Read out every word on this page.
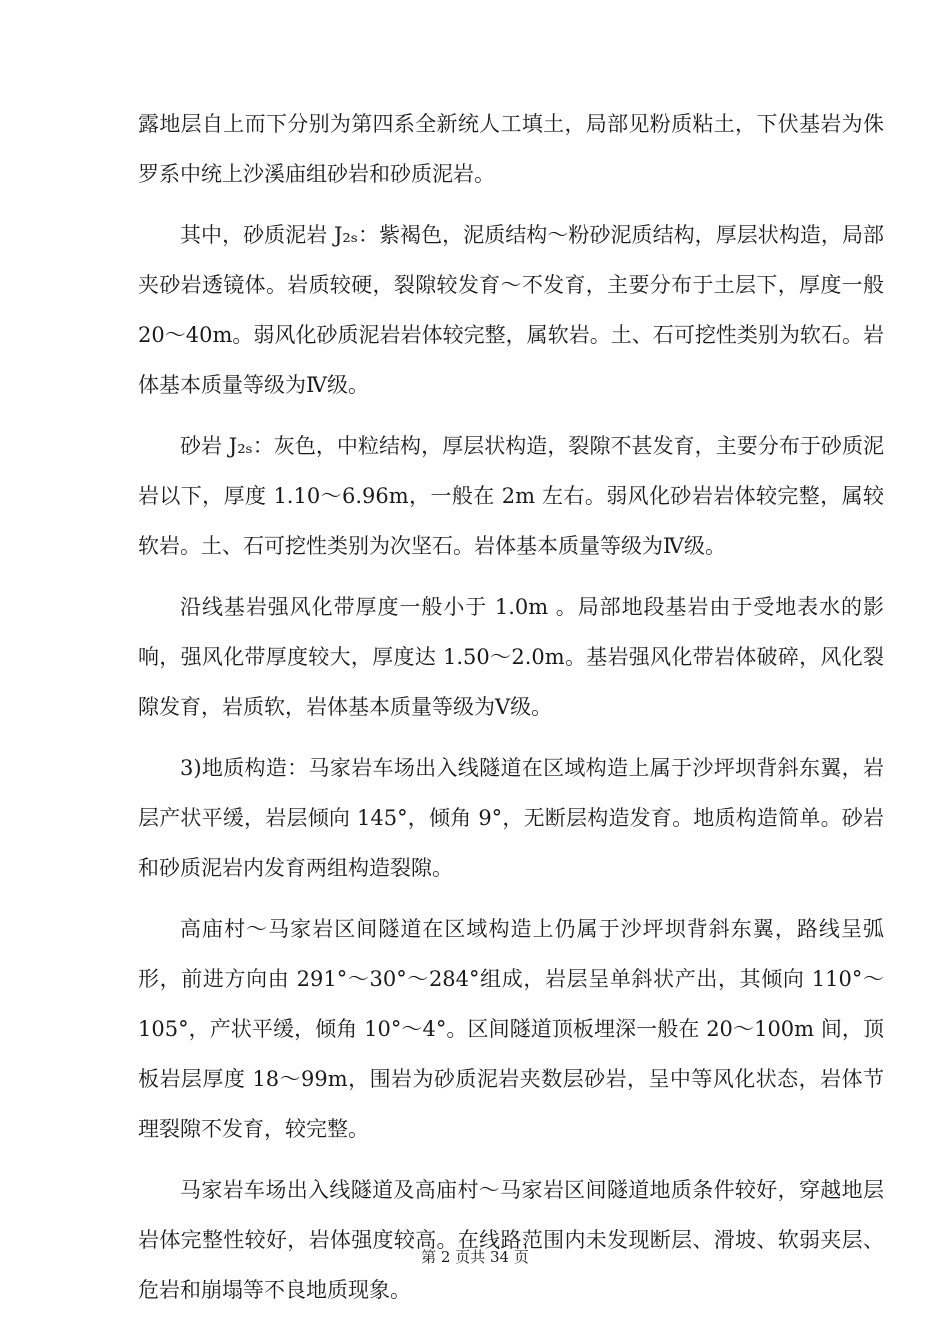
露地层自上而下分别为第四系全新统人工填土，局部见粉质粘土，下伏基岩为侏罗系中统上沙溪庙组砂岩和砂质泥岩。

其中，砂质泥岩 J₂ₛ：紫褐色，泥质结构～粉砂泥质结构，厚层状构造，局部夹砂岩透镜体。岩质较硬，裂隙较发育～不发育，主要分布于土层下，厚度一般 20～40m。弱风化砂质泥岩岩体较完整，属软岩。土、石可挖性类别为软石。岩体基本质量等级为Ⅳ级。

砂岩 J₂ₛ：灰色，中粒结构，厚层状构造，裂隙不甚发育，主要分布于砂质泥岩以下，厚度 1.10～6.96m，一般在 2m 左右。弱风化砂岩岩体较完整，属较软岩。土、石可挖性类别为次坚石。岩体基本质量等级为Ⅳ级。

沿线基岩强风化带厚度一般小于 1.0m 。局部地段基岩由于受地表水的影响，强风化带厚度较大，厚度达 1.50～2.0m。基岩强风化带岩体破碎，风化裂隙发育，岩质软，岩体基本质量等级为Ⅴ级。

3)地质构造：马家岩车场出入线隧道在区域构造上属于沙坪坝背斜东翼，岩层产状平缓，岩层倾向 145°，倾角 9°，无断层构造发育。地质构造简单。砂岩和砂质泥岩内发育两组构造裂隙。

高庙村～马家岩区间隧道在区域构造上仍属于沙坪坝背斜东翼，路线呈弧形，前进方向由 291°～30°～284°组成，岩层呈单斜状产出，其倾向 110°～105°，产状平缓，倾角 10°～4°。区间隧道顶板埋深一般在 20～100m 间，顶板岩层厚度 18～99m，围岩为砂质泥岩夹数层砂岩，呈中等风化状态，岩体节理裂隙不发育，较完整。

马家岩车场出入线隧道及高庙村～马家岩区间隧道地质条件较好，穿越地层岩体完整性较好，岩体强度较高。在线路范围内未发现断层、滑坡、软弱夹层、危岩和崩塌等不良地质现象。

第 2 页共 34 页
